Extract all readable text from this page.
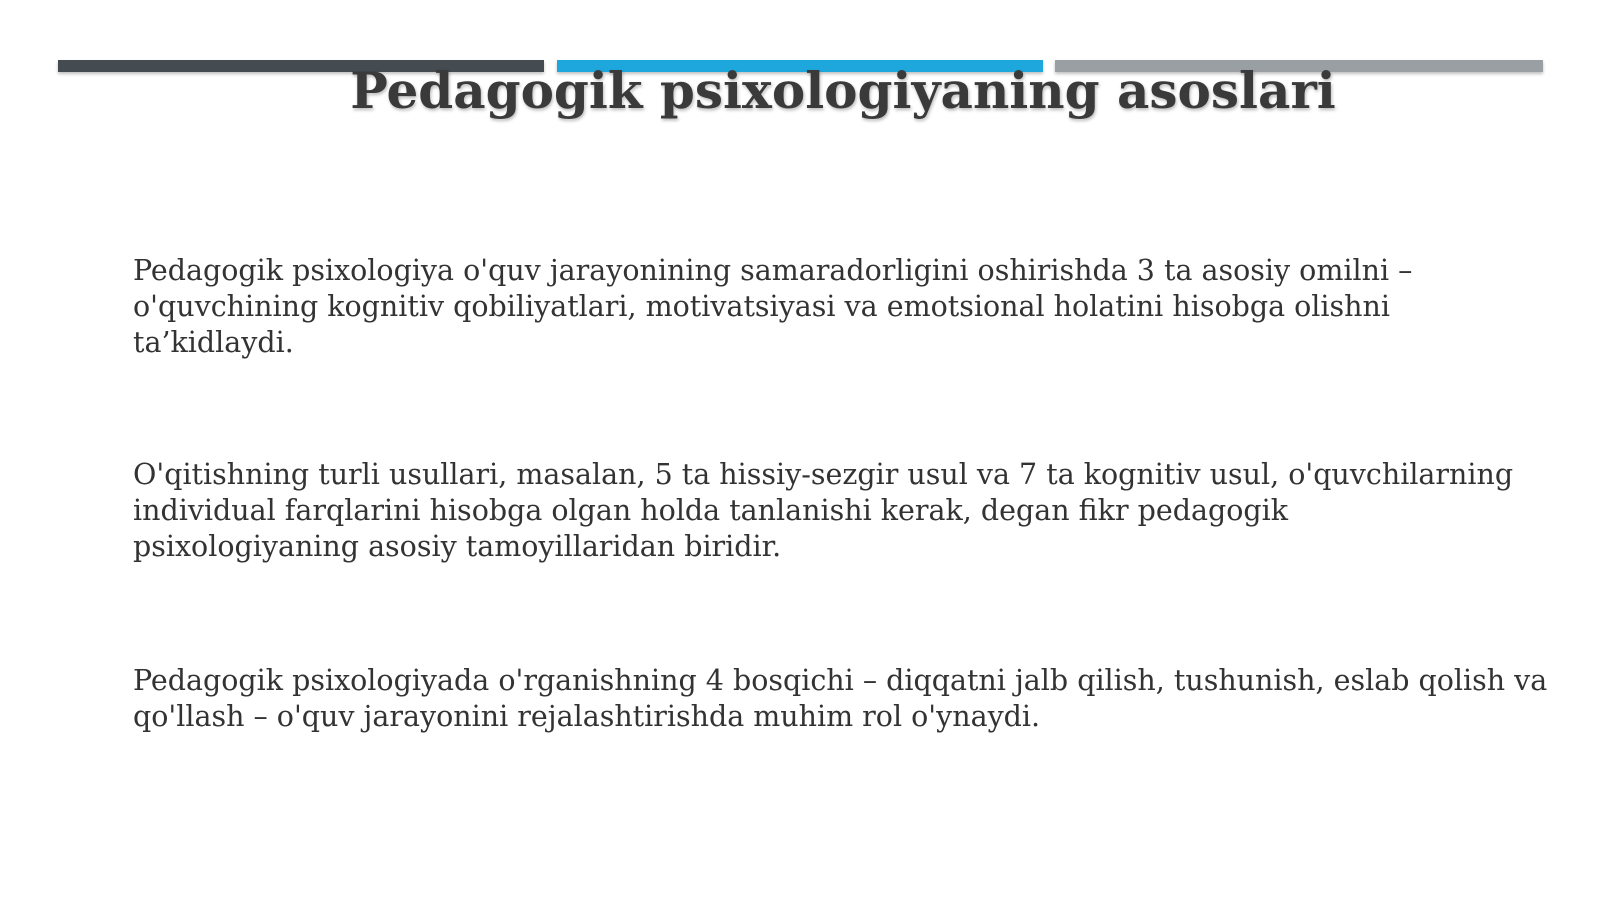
Pedagogik psixologiyaning asoslari

Pedagogik psixologiya o'quv jarayonining samaradorligini oshirishda 3 ta asosiy omilni –
o'quvchining kognitiv qobiliyatlari, motivatsiyasi va emotsional holatini hisobga olishni
ta’kidlaydi.

O'qitishning turli usullari, masalan, 5 ta hissiy-sezgir usul va 7 ta kognitiv usul, o'quvchilarning
individual farqlarini hisobga olgan holda tanlanishi kerak, degan fikr pedagogik
psixologiyaning asosiy tamoyillaridan biridir.

Pedagogik psixologiyada o'rganishning 4 bosqichi – diqqatni jalb qilish, tushunish, eslab qolish va
qo'llash – o'quv jarayonini rejalashtirishda muhim rol o'ynaydi.
